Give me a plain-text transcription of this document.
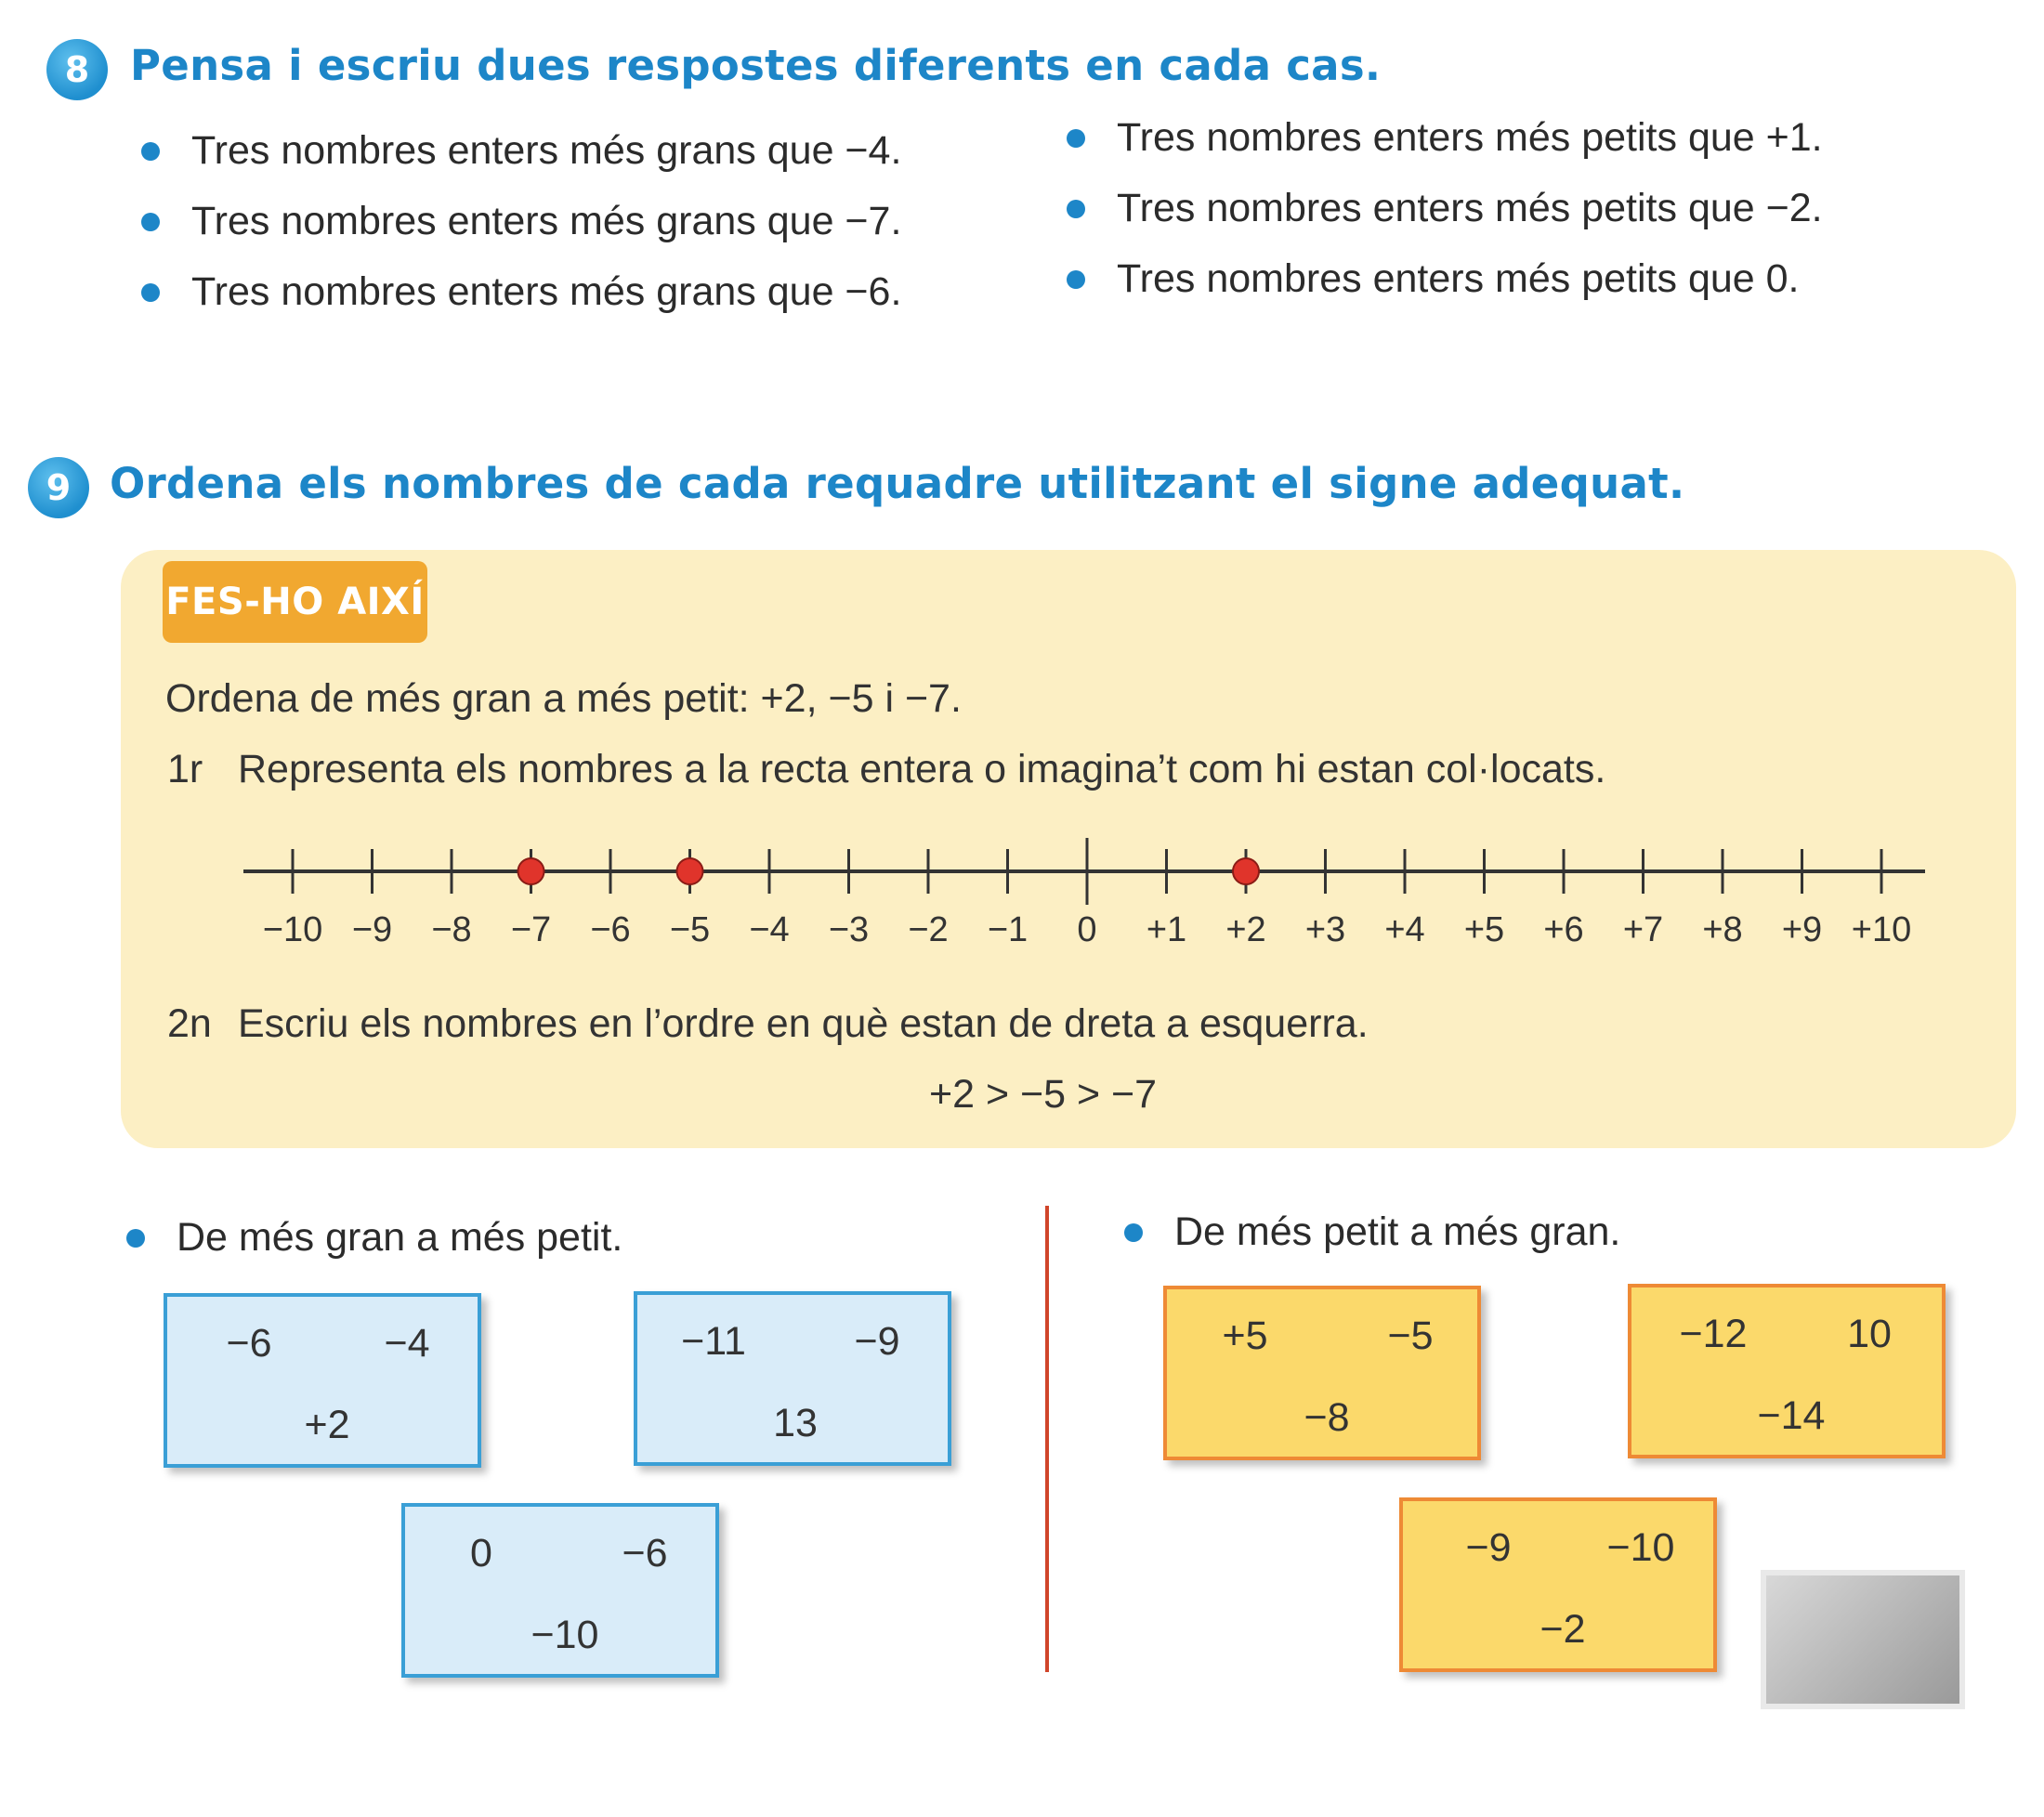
8 Pensa i escriu dues respostes diferents en cada cas.
Tres nombres enters més grans que −4.
Tres nombres enters més grans que −7.
Tres nombres enters més grans que −6.
Tres nombres enters més petits que +1.
Tres nombres enters més petits que −2.
Tres nombres enters més petits que 0.
9 Ordena els nombres de cada requadre utilitzant el signe adequat.
FES-HO AIXÍ
Ordena de més gran a més petit: +2, −5 i −7.
1r Representa els nombres a la recta entera o imagina’t com hi estan col·locats.
−10 −9 −8 −7 −6 −5 −4 −3 −2 −1 0 +1 +2 +3 +4 +5 +6 +7 +8 +9 +10
2n Escriu els nombres en l’ordre en què estan de dreta a esquerra.
+2 > −5 > −7
De més gran a més petit.	De més petit a més gran.
−6	−4
+2
−11	−9
13
0	−6
−10
+5	−5
−8
−12	10
−14
−9 −10
−2
